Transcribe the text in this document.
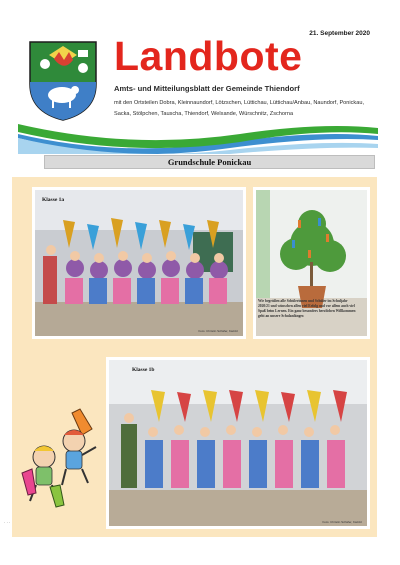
21. September 2020
Landbote
Amts- und Mitteilungsblatt der Gemeinde Thiendorf
mit den Ortsteilen Dobra, Kleinnaundorf, Lötzschen, Lüttichau, Lüttichau/Anbau, Naundorf, Ponickau, Sacka, Stölpchen, Tauscha, Thiendorf, Welxande, Würschnitz, Zschorna
Grundschule Ponickau
Klasse 1a
Foto: Christin Schäfer, Kiebitz
Wir begrüßen alle Schülerinnen und Schüler im Schuljahr 2020/21 und wünschen allen viel Erfolg und vor allem auch viel Spaß beim Lernen. Ein ganz besonders herzlichen Willkommen geht an unsere Schulanfänger.
Klasse 1b
Foto: Christin Schäfer, Kiebitz
· · ·
